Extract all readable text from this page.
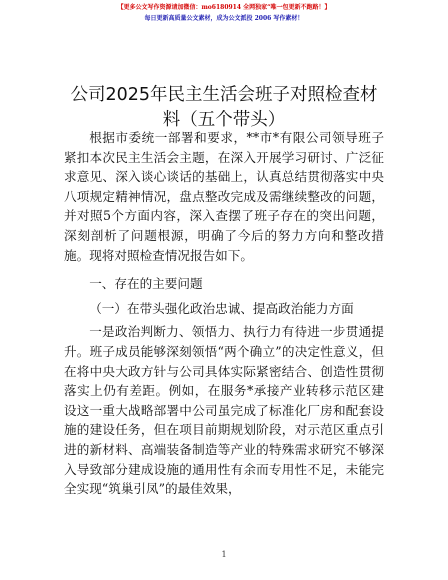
【更多公文写作资源请加微信：mo6180914 全网独家“唯一包更新不跑路！】
每日更新高质量公文素材，成为公文派投 2006 写作素材！
公司2025年民主生活会班子对照检查材料（五个带头）

根据市委统一部署和要求，**市*有限公司领导班子紧扣本次民主生活会主题，在深入开展学习研讨、广泛征求意见、深入谈心谈话的基础上，认真总结贯彻落实中央八项规定精神情况，盘点整改完成及需继续整改的问题，并对照5个方面内容，深入查摆了班子存在的突出问题，深刻剖析了问题根源，明确了今后的努力方向和整改措施。现将对照检查情况报告如下。

一、存在的主要问题

（一）在带头强化政治忠诚、提高政治能力方面

一是政治判断力、领悟力、执行力有待进一步贯通提升。班子成员能够深刻领悟“两个确立”的决定性意义，但在将中央大政方针与公司具体实际紧密结合、创造性贯彻落实上仍有差距。例如，在服务*承接产业转移示范区建设这一重大战略部署中公司虽完成了标准化厂房和配套设施的建设任务，但在项目前期规划阶段，对示范区重点引进的新材料、高端装备制造等产业的特殊需求研究不够深入导致部分建成设施的通用性有余而专用性不足，未能完全实现“筑巢引凤”的最佳效果，

1
